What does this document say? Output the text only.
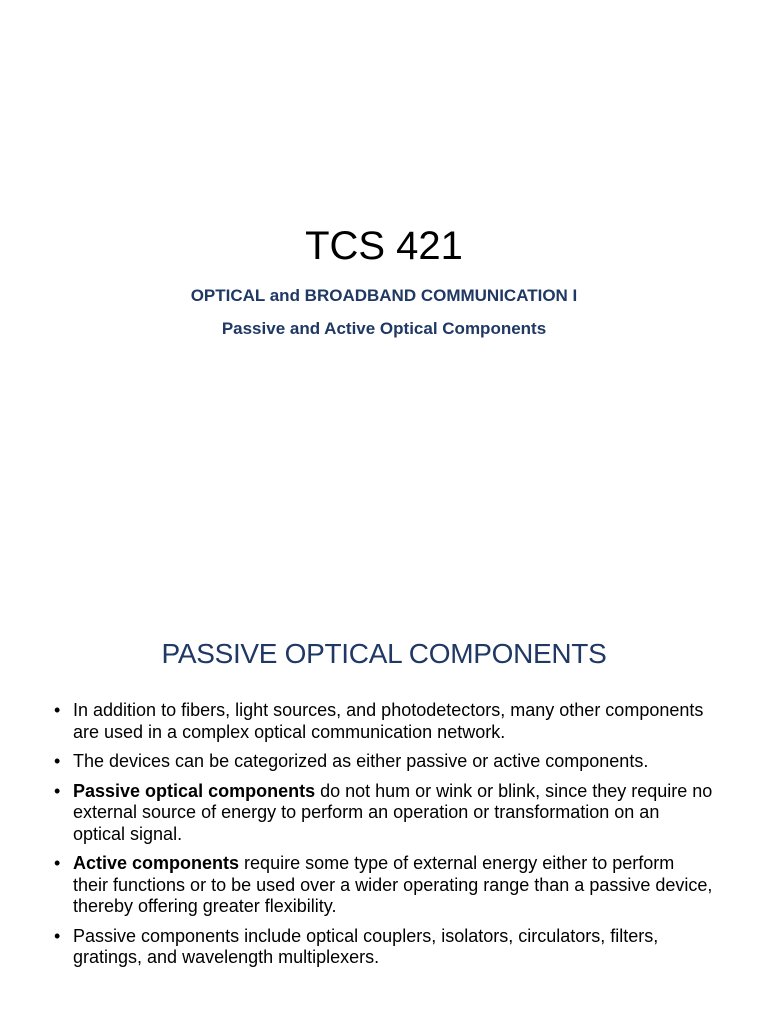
TCS 421

OPTICAL and BROADBAND COMMUNICATION I

Passive and Active Optical Components

PASSIVE OPTICAL COMPONENTS
• In addition to fibers, light sources, and photodetectors, many other components are used in a complex optical communication network.
• The devices can be categorized as either passive or active components.
• Passive optical components do not hum or wink or blink, since they require no external source of energy to perform an operation or transformation on an optical signal.
• Active components require some type of external energy either to perform their functions or to be used over a wider operating range than a passive device, thereby offering greater flexibility.
• Passive components include optical couplers, isolators, circulators, filters, gratings, and wavelength multiplexers.
